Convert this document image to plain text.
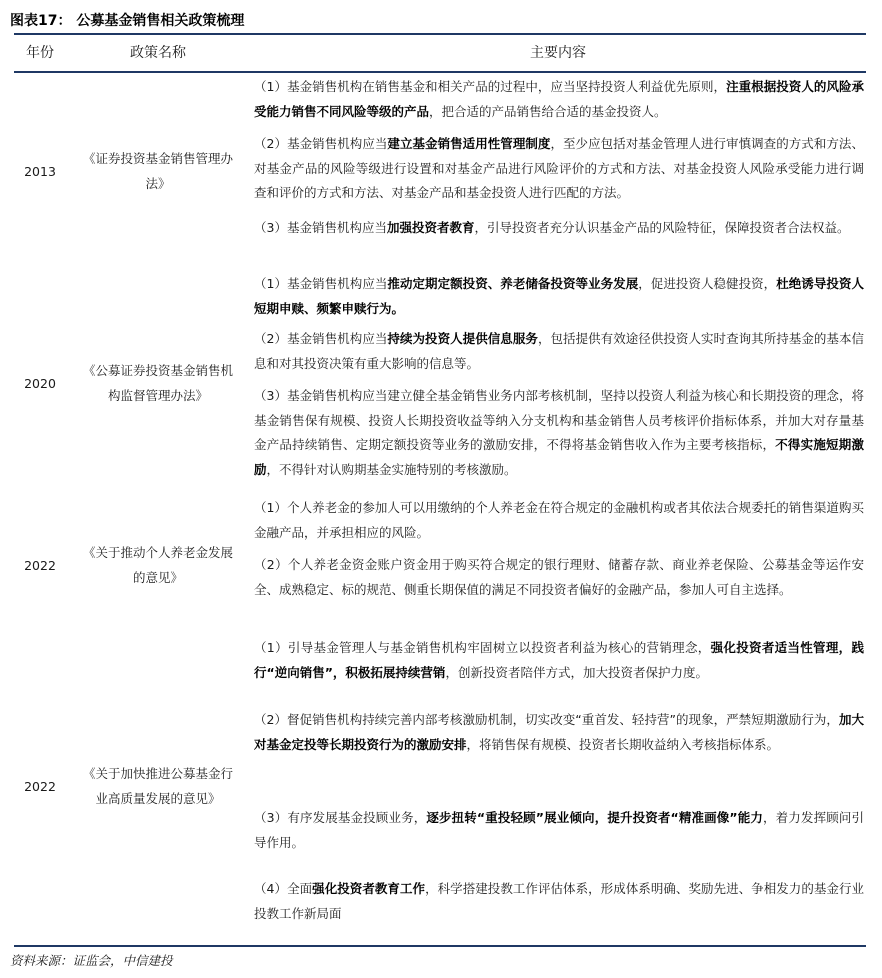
图表17： 公募基金销售相关政策梳理
年份	政策名称	主要内容
2013
《证券投资基金销售管理办法》

（1）基金销售机构在销售基金和相关产品的过程中，应当坚持投资人利益优先原则，注重根据投资人的风险承受能力销售不同风险等级的产品，把合适的产品销售给合适的基金投资人。

（2）基金销售机构应当建立基金销售适用性管理制度，至少应包括对基金管理人进行审慎调查的方式和方法、对基金产品的风险等级进行设置和对基金产品进行风险评价的方式和方法、对基金投资人风险承受能力进行调查和评价的方式和方法、对基金产品和基金投资人进行匹配的方法。

（3）基金销售机构应当加强投资者教育，引导投资者充分认识基金产品的风险特征，保障投资者合法权益。

2020
《公募证券投资基金销售机构监督管理办法》

（1）基金销售机构应当推动定期定额投资、养老储备投资等业务发展，促进投资人稳健投资，杜绝诱导投资人短期申赎、频繁申赎行为。

（2）基金销售机构应当持续为投资人提供信息服务，包括提供有效途径供投资人实时查询其所持基金的基本信息和对其投资决策有重大影响的信息等。

（3）基金销售机构应当建立健全基金销售业务内部考核机制，坚持以投资人利益为核心和长期投资的理念，将基金销售保有规模、投资人长期投资收益等纳入分支机构和基金销售人员考核评价指标体系，并加大对存量基金产品持续销售、定期定额投资等业务的激励安排，不得将基金销售收入作为主要考核指标，不得实施短期激励，不得针对认购期基金实施特别的考核激励。

2022
《关于推动个人养老金发展的意见》

（1）个人养老金的参加人可以用缴纳的个人养老金在符合规定的金融机构或者其依法合规委托的销售渠道购买金融产品，并承担相应的风险。

（2）个人养老金资金账户资金用于购买符合规定的银行理财、储蓄存款、商业养老保险、公募基金等运作安全、成熟稳定、标的规范、侧重长期保值的满足不同投资者偏好的金融产品，参加人可自主选择。

2022
《关于加快推进公募基金行业高质量发展的意见》

（1）引导基金管理人与基金销售机构牢固树立以投资者利益为核心的营销理念，强化投资者适当性管理，践行“逆向销售”，积极拓展持续营销，创新投资者陪伴方式，加大投资者保护力度。

（2）督促销售机构持续完善内部考核激励机制，切实改变“重首发、轻持营”的现象，严禁短期激励行为，加大对基金定投等长期投资行为的激励安排，将销售保有规模、投资者长期收益纳入考核指标体系。

（3）有序发展基金投顾业务，逐步扭转“重投轻顾”展业倾向，提升投资者“精准画像”能力，着力发挥顾问引导作用。

（4）全面强化投资者教育工作，科学搭建投教工作评估体系，形成体系明确、奖励先进、争相发力的基金行业投教工作新局面

资料来源：证监会，中信建投
